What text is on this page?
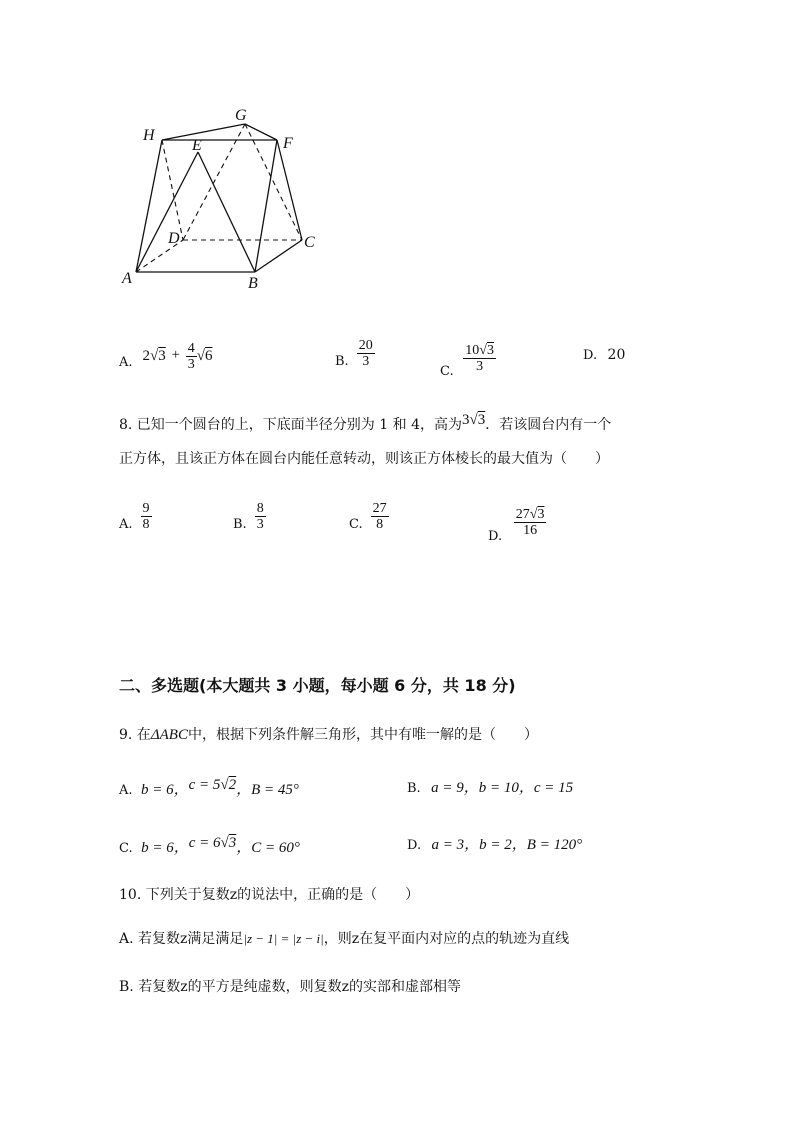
H
G
E	F
D	C
A	B
A. $2√3 + \frac{4}{3} √6$	B. $\frac{20}{3}$
C. $\frac{10√3}{3}$	D. 20
8. 已知一个圆台的上，下底面半径分别为 1 和 4，高为3√3．若该圆台内有一个
正方体，且该正方体在圆台内能任意转动，则该正方体棱长的最大值为（　　）
A. $\frac{9}{8}$	B. $\frac{8}{3}$	C. $\frac{27}{8}$
D. $\frac{27√3}{16}$
二、多选题(本大题共 3 小题，每小题 6 分，共 18 分)
9. 在ΔABC中，根据下列条件解三角形，其中有唯一解的是（　　）
A. b = 6，c = 5√2，B = 45°	B. a = 9，b = 10，c = 15
C. b = 6，c = 6√3，C = 60°	D. a = 3，b = 2，B = 120°
10. 下列关于复数z的说法中，正确的是（　　）
A. 若复数z满足满足|z − 1| = |z − i|，则z在复平面内对应的点的轨迹为直线
B. 若复数z的平方是纯虚数，则复数z的实部和虚部相等
